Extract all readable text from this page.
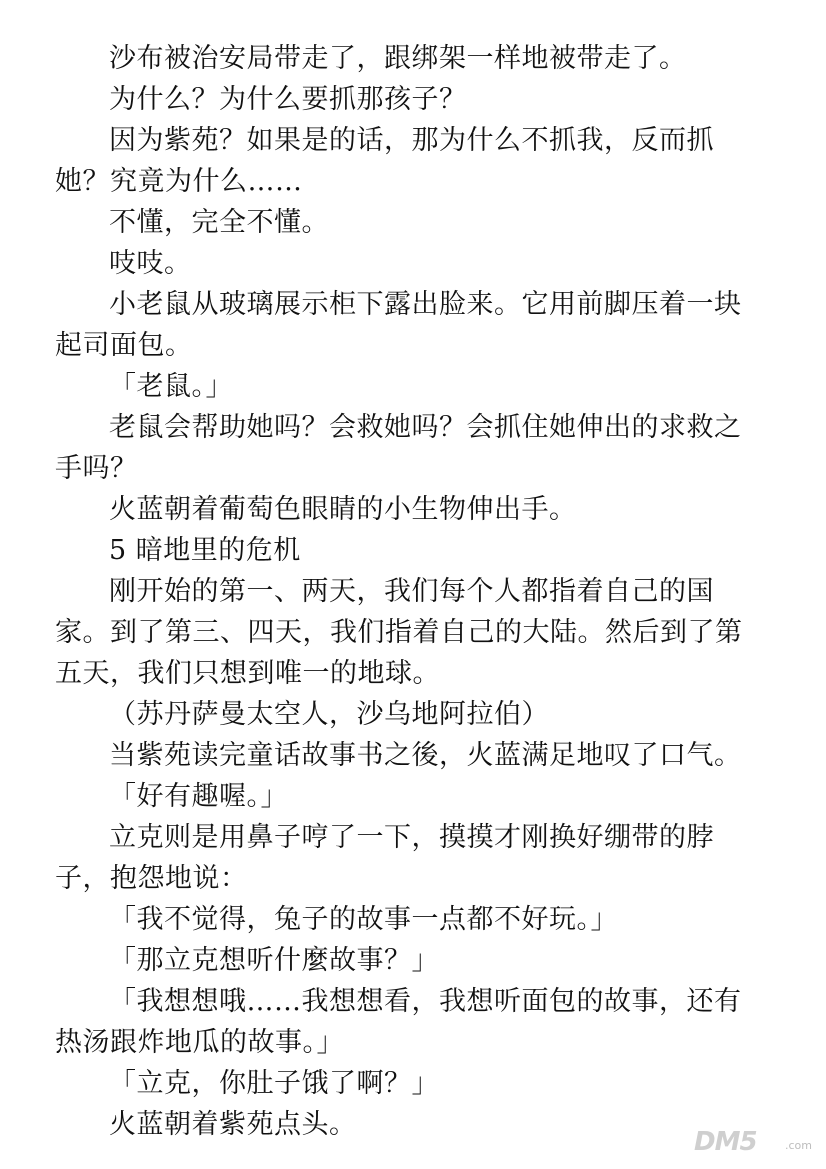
沙布被治安局带走了，跟绑架一样地被带走了。

为什么？为什么要抓那孩子？

因为紫苑？如果是的话，那为什么不抓我，反而抓她？究竟为什么……

不懂，完全不懂。

吱吱。

小老鼠从玻璃展示柜下露出脸来。它用前脚压着一块起司面包。

「老鼠。」

老鼠会帮助她吗？会救她吗？会抓住她伸出的求救之手吗？

火蓝朝着葡萄色眼睛的小生物伸出手。

5 暗地里的危机

刚开始的第一、两天，我们每个人都指着自己的国家。到了第三、四天，我们指着自己的大陆。然后到了第五天，我们只想到唯一的地球。

（苏丹萨曼太空人，沙乌地阿拉伯）

当紫苑读完童话故事书之後，火蓝满足地叹了口气。

「好有趣喔。」

立克则是用鼻子哼了一下，摸摸才刚换好绷带的脖子，抱怨地说：

「我不觉得，兔子的故事一点都不好玩。」

「那立克想听什麼故事？」

「我想想哦……我想想看，我想听面包的故事，还有热汤跟炸地瓜的故事。」

「立克，你肚子饿了啊？」

火蓝朝着紫苑点头。

DM5	.com
